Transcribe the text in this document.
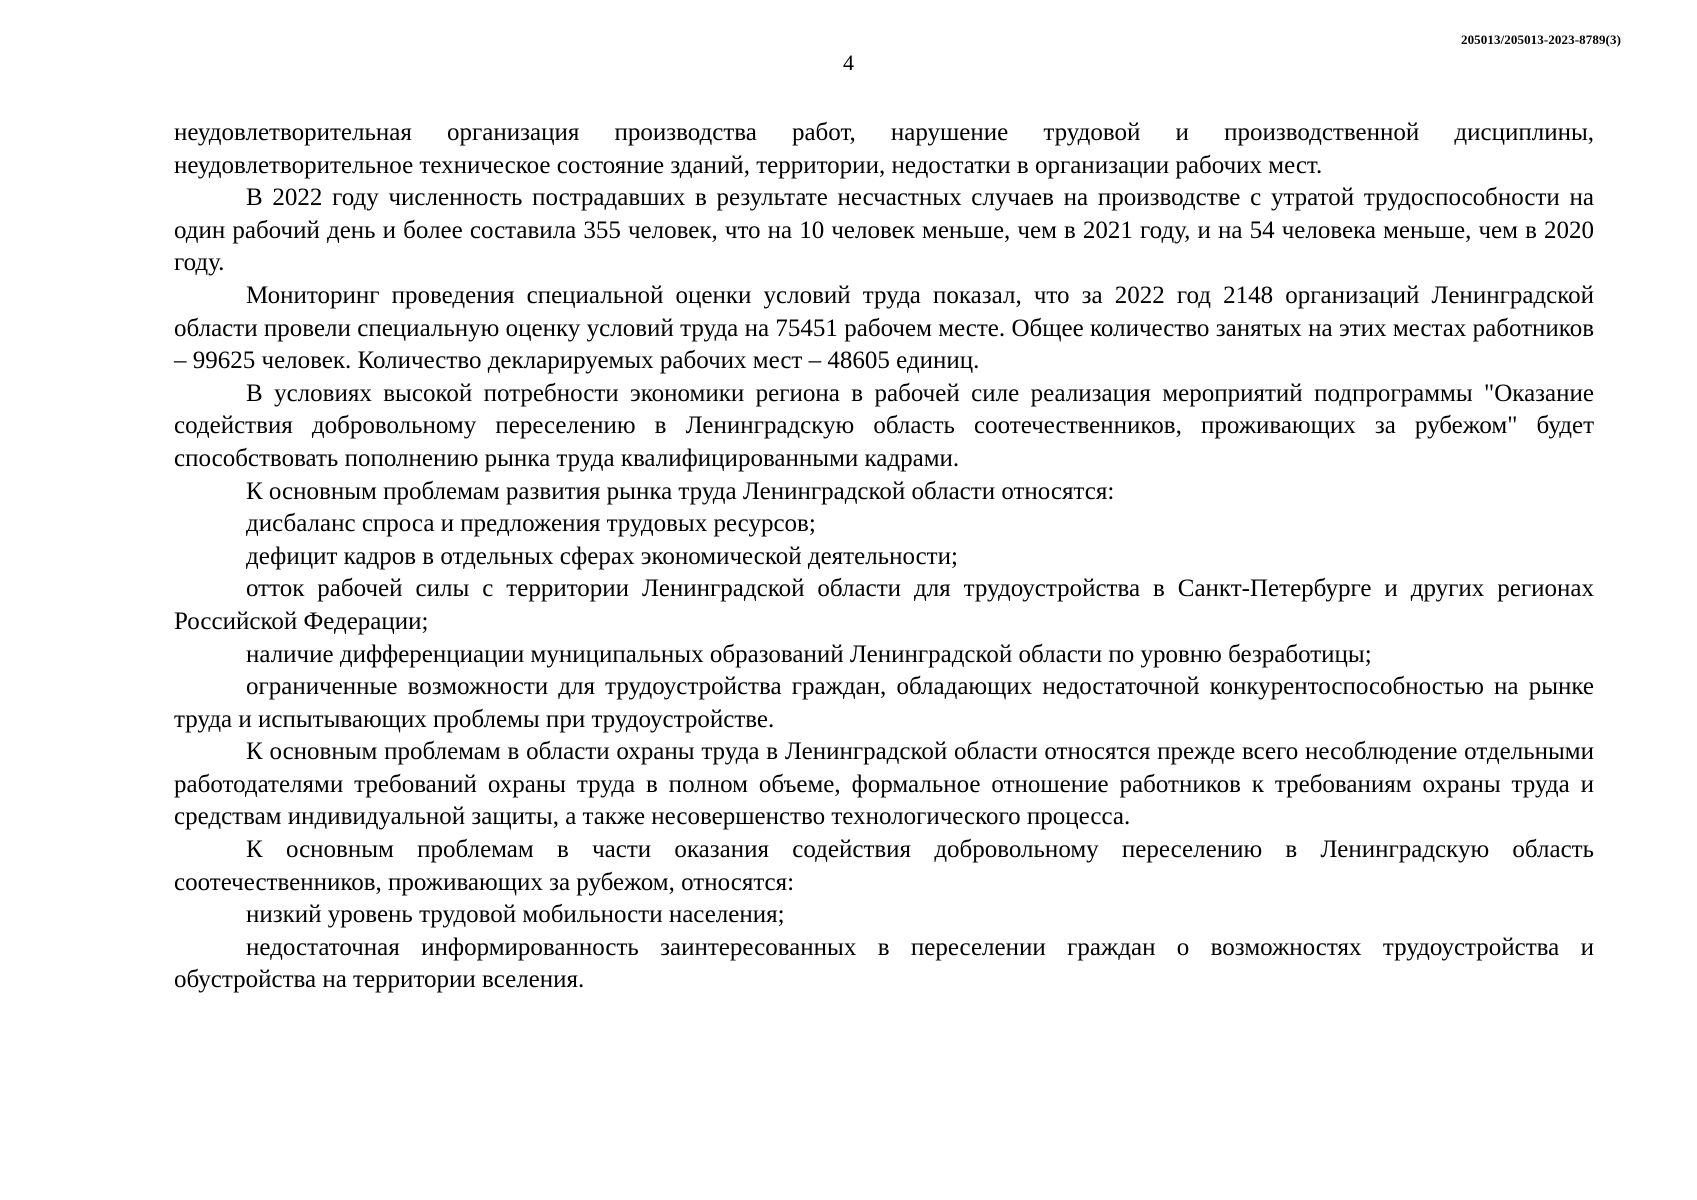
205013/205013-2023-8789(3)
4

неудовлетворительная организация производства работ, нарушение трудовой и производственной дисциплины, неудовлетворительное техническое состояние зданий, территории, недостатки в организации рабочих мест.

В 2022 году численность пострадавших в результате несчастных случаев на производстве с утратой трудоспособности на один рабочий день и более составила 355 человек, что на 10 человек меньше, чем в 2021 году, и на 54 человека меньше, чем в 2020 году.

Мониторинг проведения специальной оценки условий труда показал, что за 2022 год 2148 организаций Ленинградской области провели специальную оценку условий труда на 75451 рабочем месте. Общее количество занятых на этих местах работников – 99625 человек. Количество декларируемых рабочих мест – 48605 единиц.

В условиях высокой потребности экономики региона в рабочей силе реализация мероприятий подпрограммы "Оказание содействия добровольному переселению в Ленинградскую область соотечественников, проживающих за рубежом" будет способствовать пополнению рынка труда квалифицированными кадрами.

К основным проблемам развития рынка труда Ленинградской области относятся:

дисбаланс спроса и предложения трудовых ресурсов;

дефицит кадров в отдельных сферах экономической деятельности;

отток рабочей силы с территории Ленинградской области для трудоустройства в Санкт-Петербурге и других регионах Российской Федерации;

наличие дифференциации муниципальных образований Ленинградской области по уровню безработицы;

ограниченные возможности для трудоустройства граждан, обладающих недостаточной конкурентоспособностью на рынке труда и испытывающих проблемы при трудоустройстве.

К основным проблемам в области охраны труда в Ленинградской области относятся прежде всего несоблюдение отдельными работодателями требований охраны труда в полном объеме, формальное отношение работников к требованиям охраны труда и средствам индивидуальной защиты, а также несовершенство технологического процесса.

К основным проблемам в части оказания содействия добровольному переселению в Ленинградскую область соотечественников, проживающих за рубежом, относятся:

низкий уровень трудовой мобильности населения;

недостаточная информированность заинтересованных в переселении граждан о возможностях трудоустройства и обустройства на территории вселения.
